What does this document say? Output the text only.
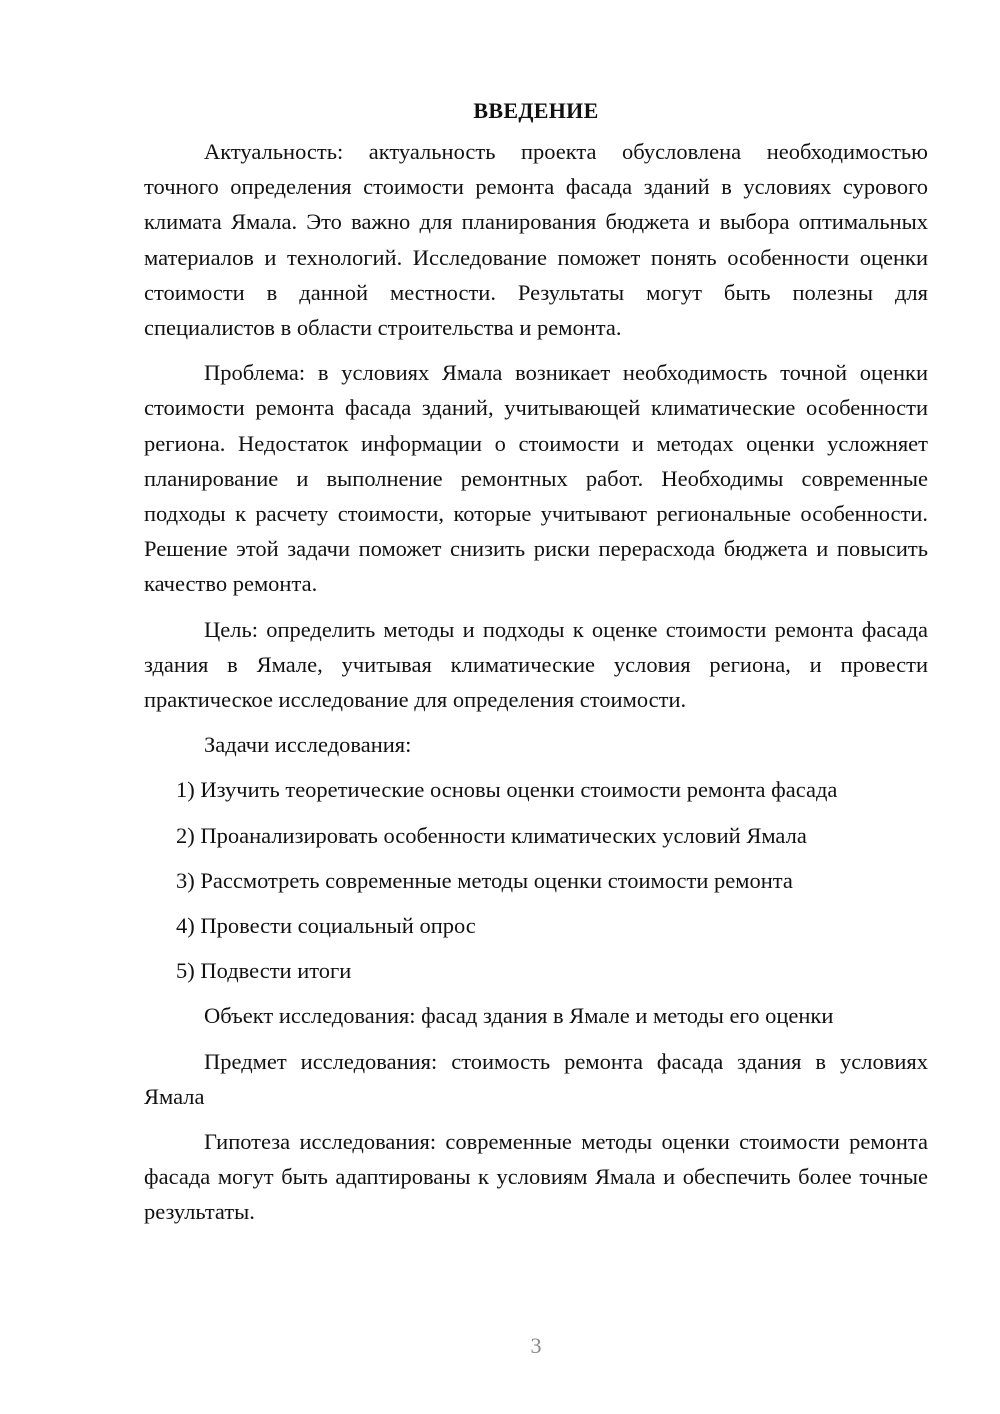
ВВЕДЕНИЕ

Актуальность: актуальность проекта обусловлена необходимостью точного определения стоимости ремонта фасада зданий в условиях сурового климата Ямала. Это важно для планирования бюджета и выбора оптимальных материалов и технологий. Исследование поможет понять особенности оценки стоимости в данной местности. Результаты могут быть полезны для специалистов в области строительства и ремонта.

Проблема: в условиях Ямала возникает необходимость точной оценки стоимости ремонта фасада зданий, учитывающей климатические особенности региона. Недостаток информации о стоимости и методах оценки усложняет планирование и выполнение ремонтных работ. Необходимы современные подходы к расчету стоимости, которые учитывают региональные особенности. Решение этой задачи поможет снизить риски перерасхода бюджета и повысить качество ремонта.

Цель: определить методы и подходы к оценке стоимости ремонта фасада здания в Ямале, учитывая климатические условия региона, и провести практическое исследование для определения стоимости.

Задачи исследования:

1) Изучить теоретические основы оценки стоимости ремонта фасада
2) Проанализировать особенности климатических условий Ямала
3) Рассмотреть современные методы оценки стоимости ремонта
4) Провести социальный опрос
5) Подвести итоги

Объект исследования: фасад здания в Ямале и методы его оценки

Предмет исследования: стоимость ремонта фасада здания в условиях Ямала

Гипотеза исследования: современные методы оценки стоимости ремонта фасада могут быть адаптированы к условиям Ямала и обеспечить более точные результаты.

3
